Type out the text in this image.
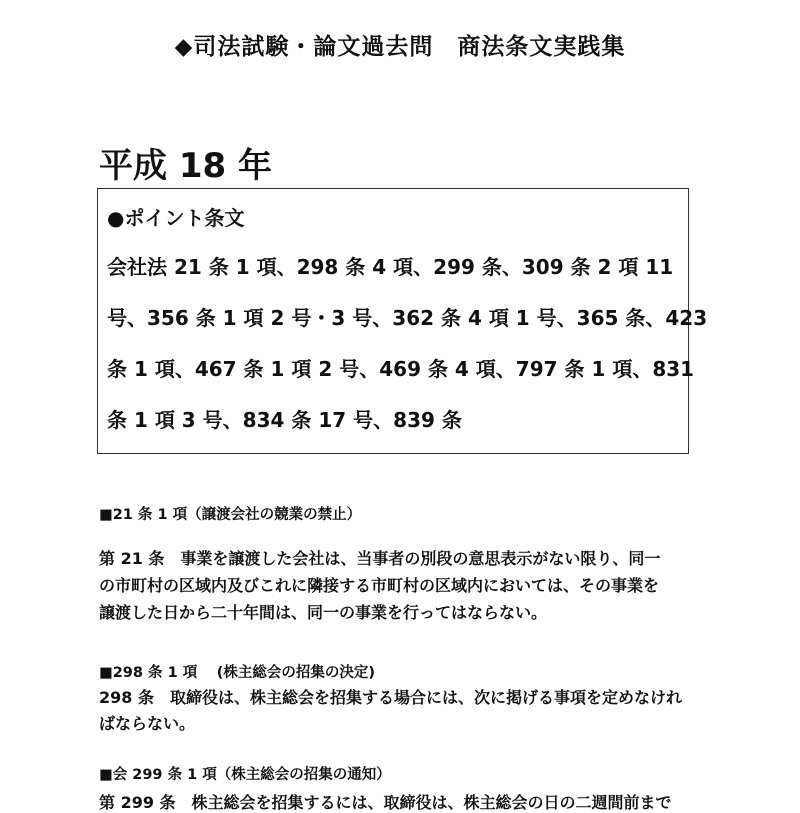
◆司法試験・論文過去問　商法条文実践集
平成 18 年
●ポイント条文
会社法 21 条 1 項、298 条 4 項、299 条、309 条 2 項 11
号、356 条 1 項 2 号・3 号、362 条 4 項 1 号、365 条、423
条 1 項、467 条 1 項 2 号、469 条 4 項、797 条 1 項、831
条 1 項 3 号、834 条 17 号、839 条
■21 条 1 項（譲渡会社の競業の禁止）
第 21 条　事業を譲渡した会社は、当事者の別段の意思表示がない限り、同一
の市町村の区域内及びこれに隣接する市町村の区域内においては、その事業を
譲渡した日から二十年間は、同一の事業を行ってはならない。
■298 条 1 項　 (株主総会の招集の決定)
298 条　取締役は、株主総会を招集する場合には、次に掲げる事項を定めなけれ
ばならない。
■会 299 条 1 項（株主総会の招集の通知）
第 299 条　株主総会を招集するには、取締役は、株主総会の日の二週間前まで
